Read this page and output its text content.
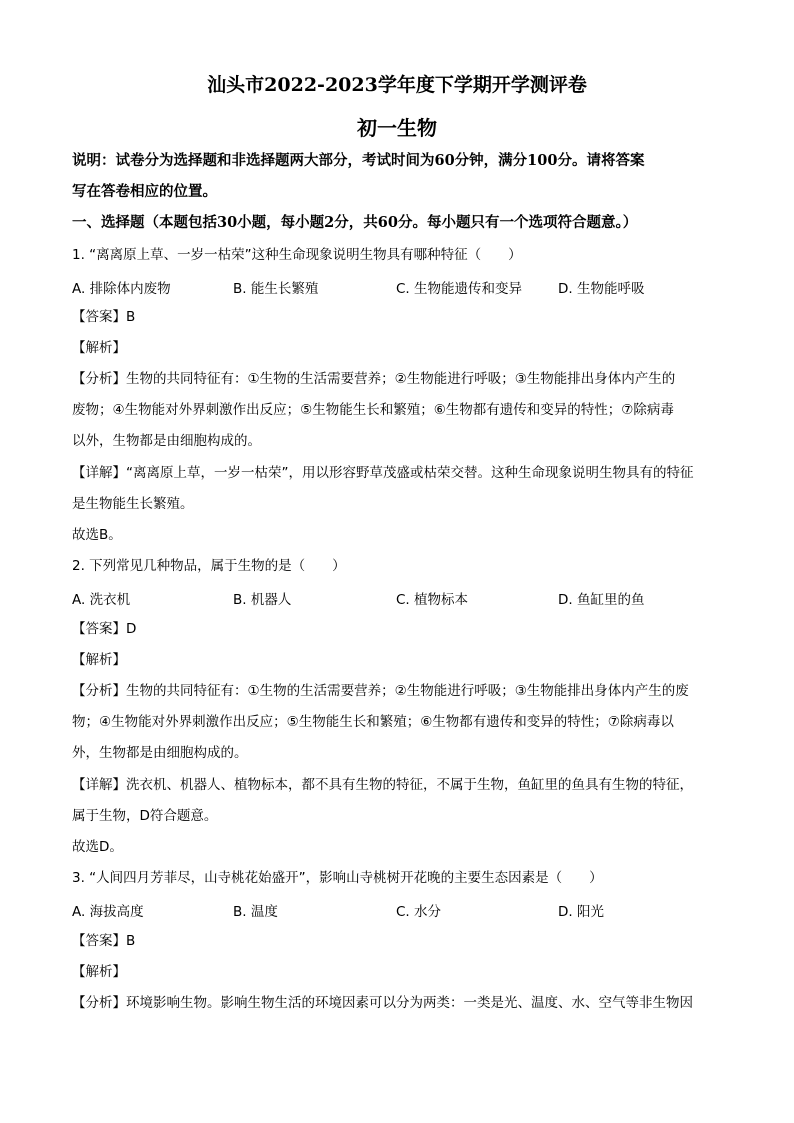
汕头市2022-2023学年度下学期开学测评卷
初一生物
说明：试卷分为选择题和非选择题两大部分，考试时间为60分钟，满分100分。请将答案
写在答卷相应的位置。
一、选择题（本题包括30小题，每小题2分，共60分。每小题只有一个选项符合题意。）
1. “离离原上草、一岁一枯荣”这种生命现象说明生物具有哪种特征（　　）
A. 排除体内废物	B. 能生长繁殖	C. 生物能遗传和变异	D. 生物能呼吸
【答案】B
【解析】
【分析】生物的共同特征有：①生物的生活需要营养；②生物能进行呼吸；③生物能排出身体内产生的
废物；④生物能对外界刺激作出反应；⑤生物能生长和繁殖；⑥生物都有遗传和变异的特性；⑦除病毒
以外，生物都是由细胞构成的。
【详解】“离离原上草，一岁一枯荣”，用以形容野草茂盛或枯荣交替。这种生命现象说明生物具有的特征
是生物能生长繁殖。
故选B。
2. 下列常见几种物品，属于生物的是（　　）
A. 洗衣机	B. 机器人	C. 植物标本	D. 鱼缸里的鱼
【答案】D
【解析】
【分析】生物的共同特征有：①生物的生活需要营养；②生物能进行呼吸；③生物能排出身体内产生的废
物；④生物能对外界刺激作出反应；⑤生物能生长和繁殖；⑥生物都有遗传和变异的特性；⑦除病毒以
外，生物都是由细胞构成的。
【详解】洗衣机、机器人、植物标本，都不具有生物的特征，不属于生物，鱼缸里的鱼具有生物的特征，
属于生物，D符合题意。
故选D。
3. “人间四月芳菲尽，山寺桃花始盛开”，影响山寺桃树开花晚的主要生态因素是（　　）
A. 海拔高度	B. 温度	C. 水分	D. 阳光
【答案】B
【解析】
【分析】环境影响生物。影响生物生活的环境因素可以分为两类：一类是光、温度、水、空气等非生物因
